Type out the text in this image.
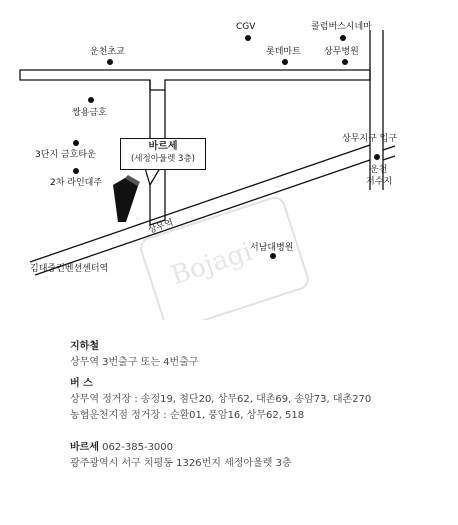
Bojagi
CGV	콜럼버스시네마
운천초교	롯데마트	상무병원
쌍용금호
3단지 금호타운
2차 라인대주
상무지구 입구
운천
저수지
상무역
서남대병원
김대중컨벤션센터역
바르세
(세정아울렛 3층)
지하철
상무역 3번출구 또는 4번출구
버 스
상무역 정거장 : 송정19, 첨단20, 상무62, 대촌69, 송암73, 대촌270
농협운천지점 정거장 : 순환01, 풍암16, 상무62, 518
바르세 062-385-3000
광주광역시 서구 치평동 1326번지 세정아울렛 3층
